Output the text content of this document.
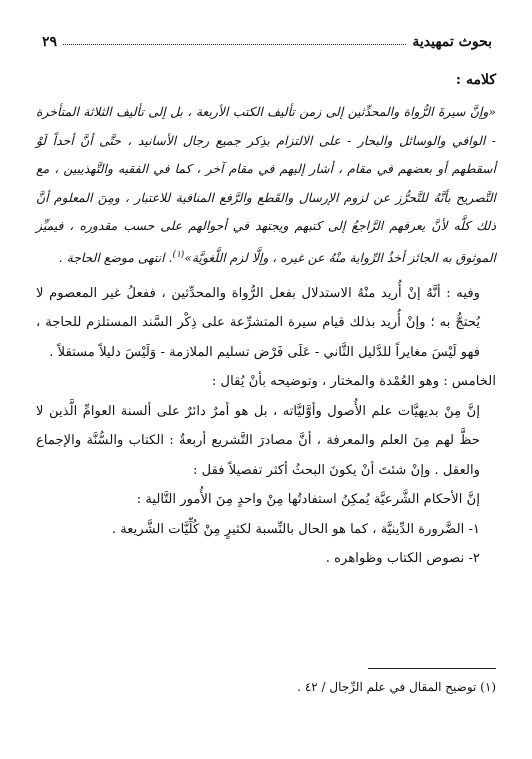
بحوث تمهيدية
٢٩
كلامه :
«وإنَّ سيرةَ الرُّواة والمحدِّثين إلى زمن تأليف الكتب الأربعة ، بل إلى تأليف الثلاثة المتأخرة - الوافي والوسائل والبحار - على الالتزام بذِكر جميع رجال الأسانيد ، حتَّى أنَّ أحداً لَوْ أسقطهم أو بعضهم في مقام ، أشار إليهم في مقام آخر ، كما في الفقيه والتَّهذيبين ، مع التَّصريح بأنَّهُ للتَّحرُّز عن لزوم الإرسال والقَطع والرَّفع المنافية للاعتبار ، ومِنَ المعلوم أنَّ ذلك كلَّه لأنَّ يعرفهم الرَّاجعُ إلى كتبهم ويجتهد في أحوالهم على حسب مقدوره ، فيميِّز الموثوق به الجائز أخذُ الرِّواية منْهُ عن غيره ، وإلَّا لزم اللَّغويَّة»$^{(١)}$. انتهى موضع الحاجة .

وفيه : أنَّهُ إنْ أُريد منْهُ الاستدلال بفعل الرُّواة والمحدِّثين ، ففعلُ غير المعصوم لا يُحتجُّ به ؛ وإنْ أُريد بذلك قيام سيرة المتشرِّعة على ذِكْر السَّند المستلزم للحاجة ، فهو لَيْسَ مغايراً للدَّليل الثَّاني - عَلَى فَرْض تسليم الملازمة - وَلَيْسَ دليلاً مستقلاً .

الخامس : وهو العُمْدة والمختار ، وتوضيحه بأنْ يُقال :

إنَّ مِنْ بديهيَّات علم الأُصول وأوَّليَّاته ، بل هو أمرٌ دائرٌ على ألسنة العوامِّ الَّذين لا حظَّ لهم مِنَ العلم والمعرفة ، أنَّ مصادرَ التَّشريع أربعةٌ : الكتاب والسُّنَّة والإجماع والعقل . وإنْ شئتَ أنْ يكونَ البحثُ أكثر تفصيلاً فقل :

إنَّ الأحكام الشَّرعيَّة يُمكِنُ استفادتُها مِنْ واحدٍ مِنَ الأُمور التَّالية :

١- الضَّرورة الدِّينيَّة ، كما هو الحال بالنِّسبة لكثيرٍ مِنْ كُلِّيَّات الشَّريعة .

٢- نصوص الكتاب وظواهره .

(١) توضيح المقال في علم الرِّجال / ٤٢ .
